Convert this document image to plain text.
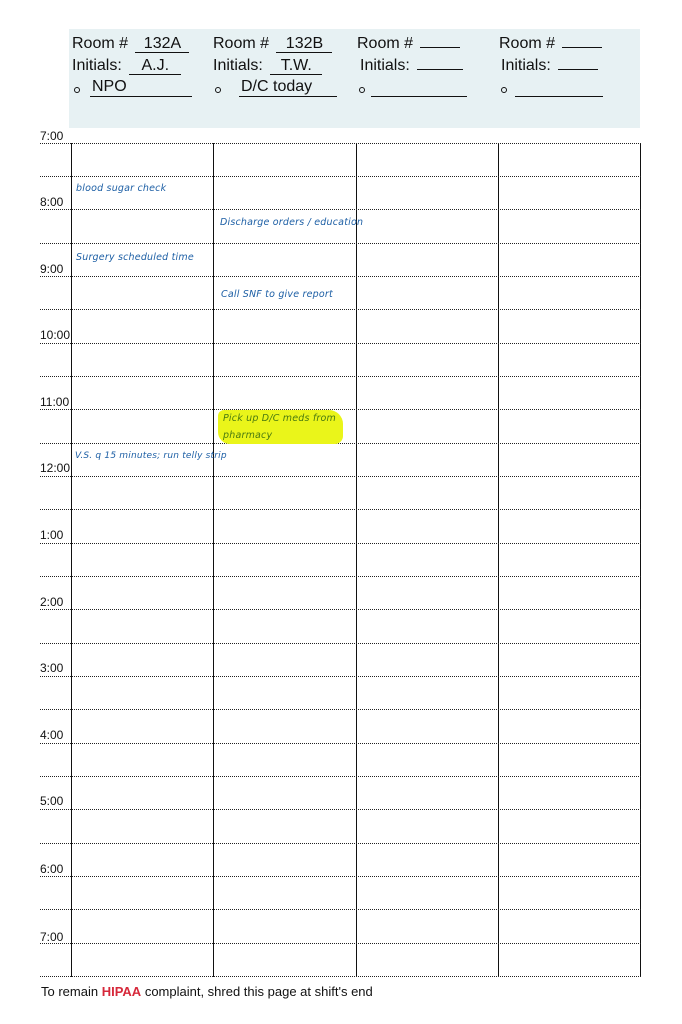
Room # 132A
Initials: A.J.
NPO
Room # 132B
Initials: T.W.
D/C today
Room #
Initials:
Room #
Initials:
7:00
8:00
9:00
10:00
11:00
12:00
1:00
2:00
3:00
4:00
5:00
6:00
7:00
blood sugar check
Discharge orders / education
Surgery scheduled time
Call SNF to give report
Pick up D/C meds from
pharmacy
V.S. q 15 minutes; run telly strip
To remain HIPAA complaint, shred this page at shift's end
